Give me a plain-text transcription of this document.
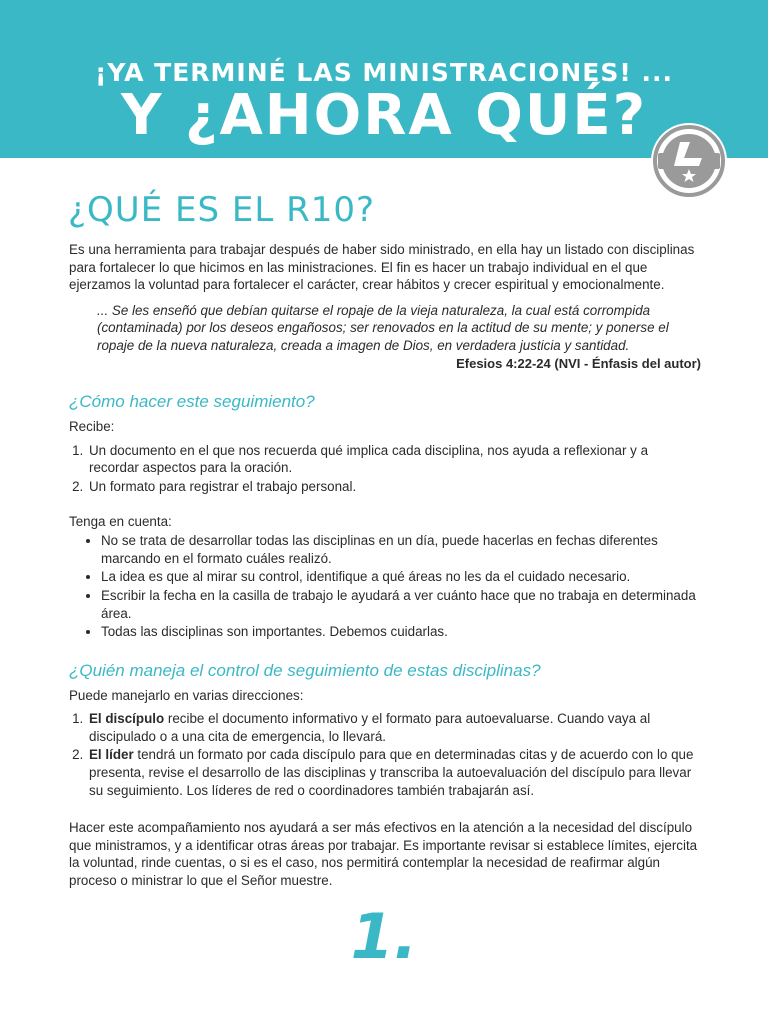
¡YA TERMINÉ LAS MINISTRACIONES! ...
Y ¿AHORA QUÉ?
¿QUÉ ES EL R10?

Es una herramienta para trabajar después de haber sido ministrado, en ella hay un listado con disciplinas para fortalecer lo que hicimos en las ministraciones. El fin es hacer un trabajo individual en el que ejerzamos la voluntad para fortalecer el carácter, crear hábitos y crecer espiritual y emocionalmente.

... Se les enseñó que debían quitarse el ropaje de la vieja naturaleza, la cual está corrompida (contaminada) por los deseos engañosos; ser renovados en la actitud de su mente; y ponerse el ropaje de la nueva naturaleza, creada a imagen de Dios, en verdadera justicia y santidad.

Efesios 4:22-24 (NVI - Énfasis del autor)

¿Cómo hacer este seguimiento?

Recibe:

1. Un documento en el que nos recuerda qué implica cada disciplina, nos ayuda a reflexionar y a recordar aspectos para la oración.
2. Un formato para registrar el trabajo personal.

Tenga en cuenta:

• No se trata de desarrollar todas las disciplinas en un día, puede hacerlas en fechas diferentes marcando en el formato cuáles realizó.
• La idea es que al mirar su control, identifique a qué áreas no les da el cuidado necesario.
• Escribir la fecha en la casilla de trabajo le ayudará a ver cuánto hace que no trabaja en determinada área.
• Todas las disciplinas son importantes. Debemos cuidarlas.
¿Quién maneja el control de seguimiento de estas disciplinas?

Puede manejarlo en varias direcciones:

1. El discípulo recibe el documento informativo y el formato para autoevaluarse. Cuando vaya al discipulado o a una cita de emergencia, lo llevará.
2. El líder tendrá un formato por cada discípulo para que en determinadas citas y de acuerdo con lo que presenta, revise el desarrollo de las disciplinas y transcriba la autoevaluación del discípulo para llevar su seguimiento. Los líderes de red o coordinadores también trabajarán así.

Hacer este acompañamiento nos ayudará a ser más efectivos en la atención a la necesidad del discípulo que ministramos, y a identificar otras áreas por trabajar. Es importante revisar si establece límites, ejercita la voluntad, rinde cuentas, o si es el caso, nos permitirá contemplar la necesidad de reafirmar algún proceso o ministrar lo que el Señor muestre.

1.
